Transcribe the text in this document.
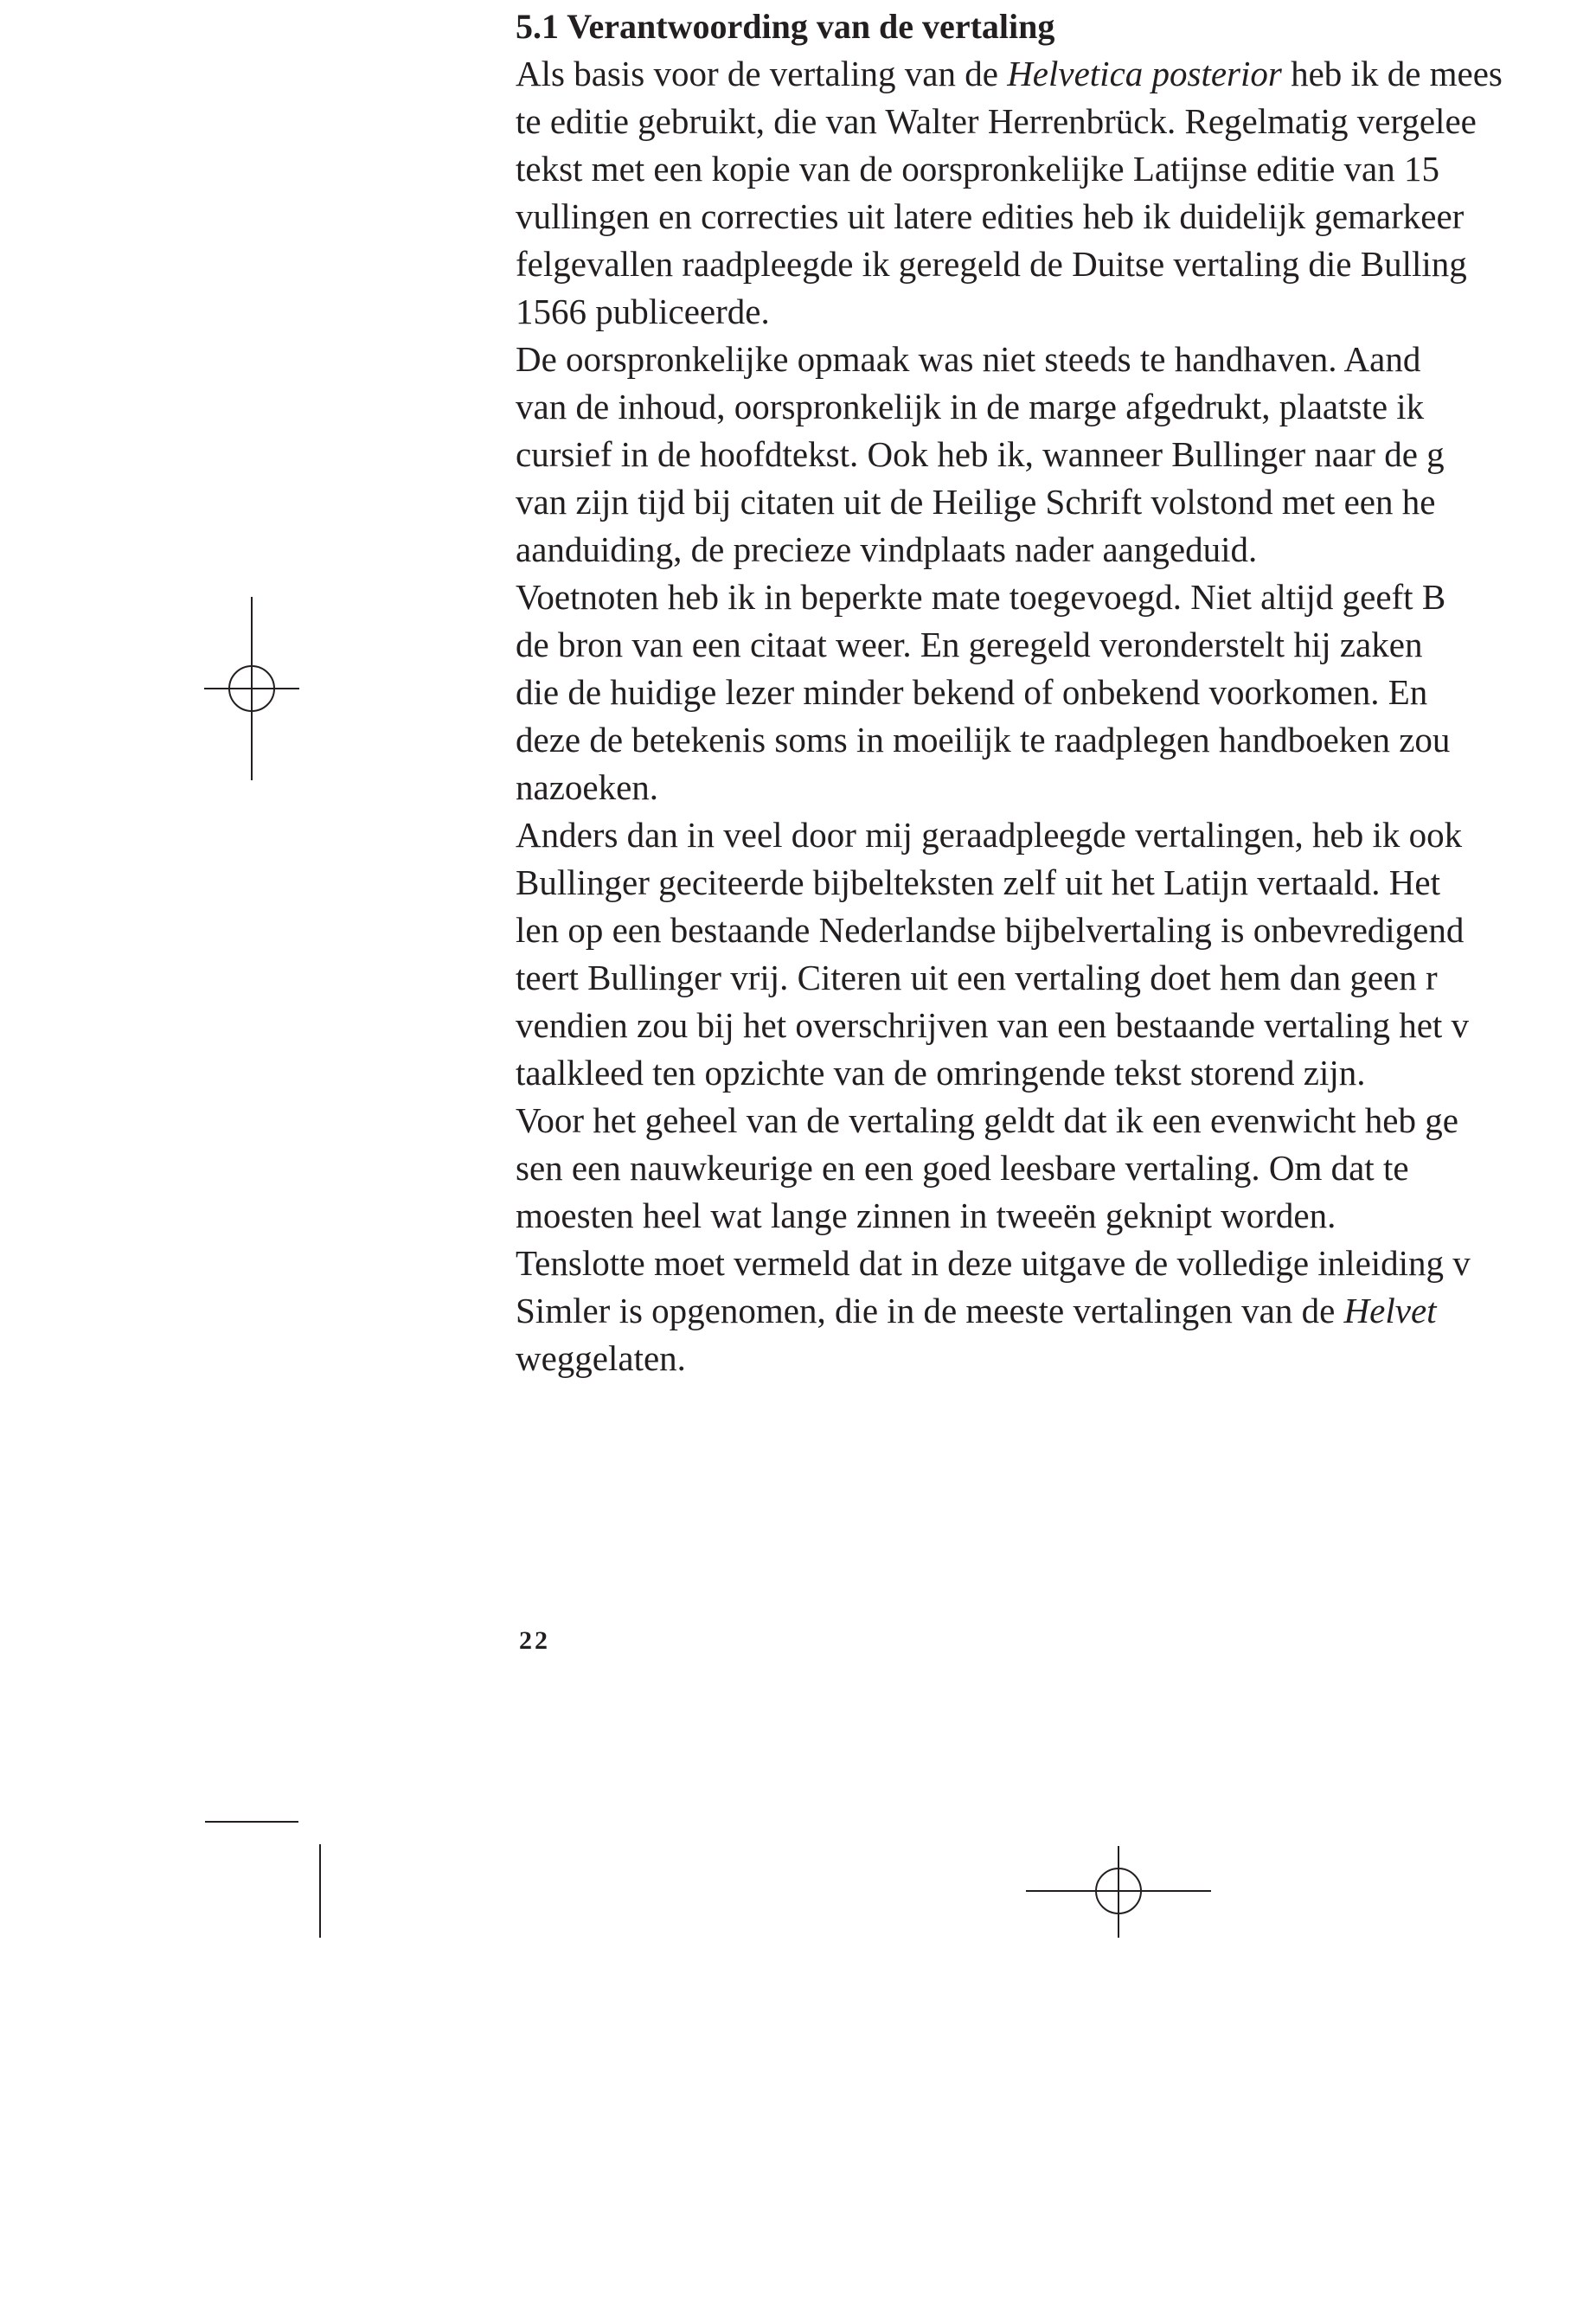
5.1 Verantwoording van de vertaling
Als basis voor de vertaling van de Helvetica posterior heb ik de mees
te editie gebruikt, die van Walter Herrenbrück. Regelmatig vergelee
tekst met een kopie van de oorspronkelijke Latijnse editie van 15
vullingen en correcties uit latere edities heb ik duidelijk gemarkeer
felgevallen raadpleegde ik geregeld de Duitse vertaling die Bulling
1566 publiceerde.
De oorspronkelijke opmaak was niet steeds te handhaven. Aand
van de inhoud, oorspronkelijk in de marge afgedrukt, plaatste ik
cursief in de hoofdtekst. Ook heb ik, wanneer Bullinger naar de g
van zijn tijd bij citaten uit de Heilige Schrift volstond met een he
aanduiding, de precieze vindplaats nader aangeduid.
Voetnoten heb ik in beperkte mate toegevoegd. Niet altijd geeft B
de bron van een citaat weer. En geregeld veronderstelt hij zaken
die de huidige lezer minder bekend of onbekend voorkomen. En
deze de betekenis soms in moeilijk te raadplegen handboeken zou
nazoeken.
Anders dan in veel door mij geraadpleegde vertalingen, heb ik ook
Bullinger geciteerde bijbelteksten zelf uit het Latijn vertaald. Het
len op een bestaande Nederlandse bijbelvertaling is onbevredigend
teert Bullinger vrij. Citeren uit een vertaling doet hem dan geen r
vendien zou bij het overschrijven van een bestaande vertaling het v
taalkleed ten opzichte van de omringende tekst storend zijn.
Voor het geheel van de vertaling geldt dat ik een evenwicht heb ge
sen een nauwkeurige en een goed leesbare vertaling. Om dat te
moesten heel wat lange zinnen in tweeën geknipt worden.
Tenslotte moet vermeld dat in deze uitgave de volledige inleiding v
Simler is opgenomen, die in de meeste vertalingen van de Helvet
weggelaten.
22
